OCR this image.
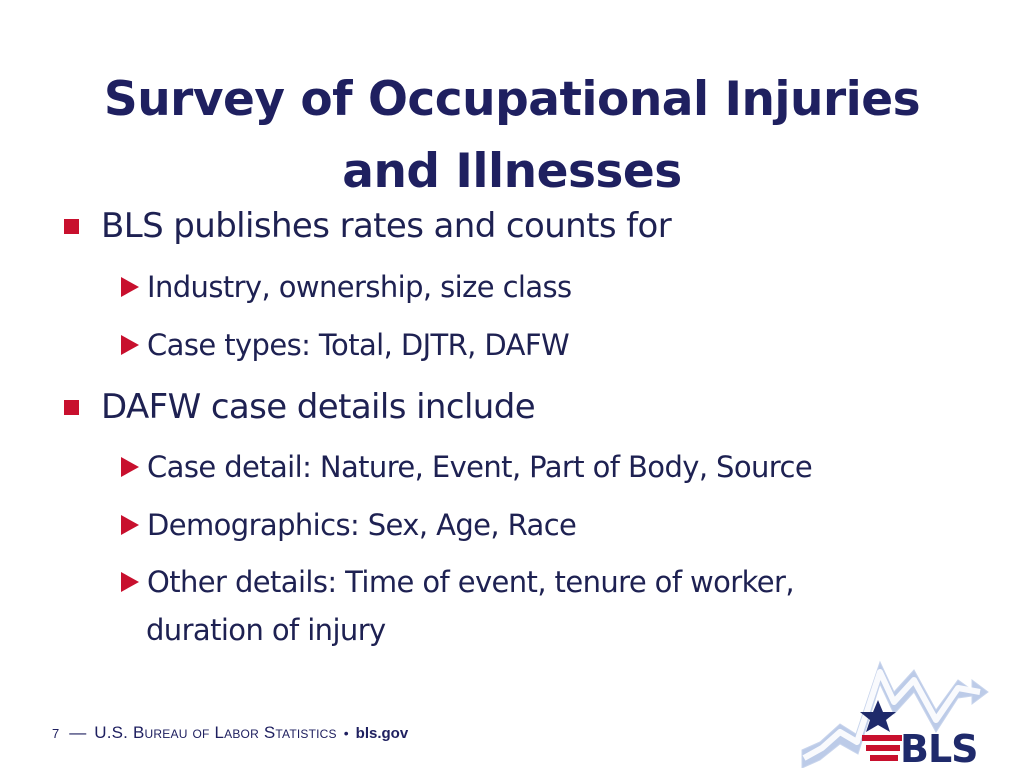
Survey of Occupational Injuries
and Illnesses
BLS publishes rates and counts for
Industry, ownership, size class
Case types: Total, DJTR, DAFW
DAFW case details include
Case detail: Nature, Event, Part of Body, Source
Demographics: Sex, Age, Race
Other details: Time of event, tenure of worker,
duration of injury
7 — U.S. Bureau of Labor Statistics • bls.gov	BLS
